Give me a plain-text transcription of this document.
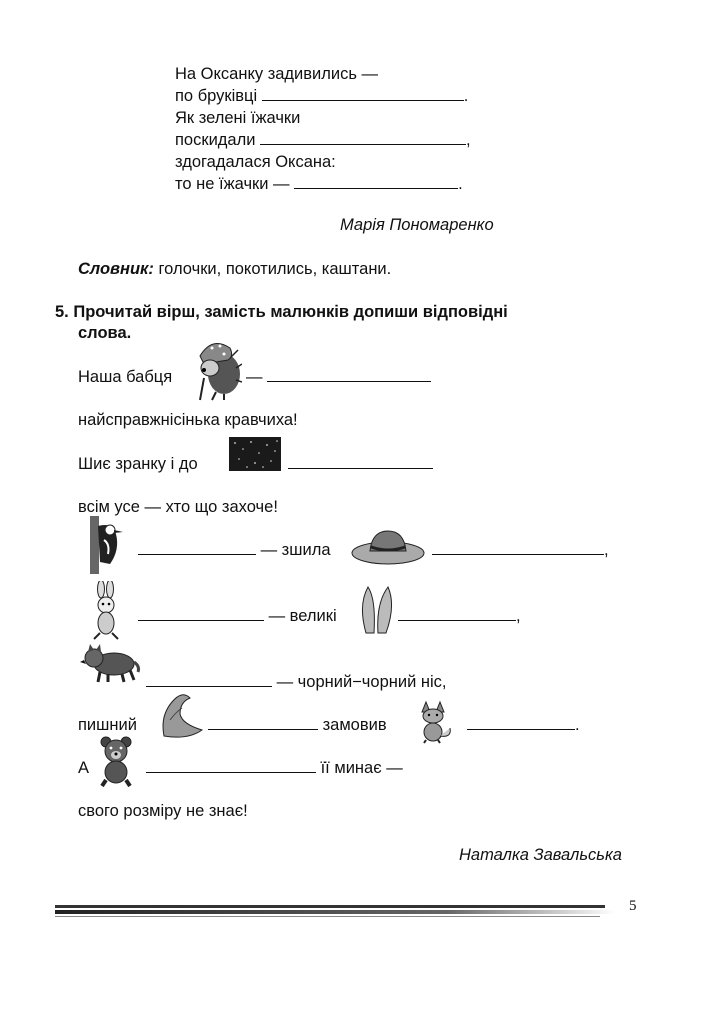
На Оксанку задивились —
по бруківці	.
Як зелені їжачки
поскидали	,
здогадалася Оксана:
то не їжачки —	.
Марія Пономаренко
Словник: голочки, покотились, каштани.
5. Прочитай вірш, замість малюнків допиши відповідні
слова.
Наша бабця	—
найсправжнісінька кравчиха!
Шиє зранку і до
всім усе — хто що захоче!
— зшила	,
— великі	,
— чорний−чорний ніс,
пишний	замовив	.
А	її минає —
свого розміру не знає!
Наталка Завальська
5
